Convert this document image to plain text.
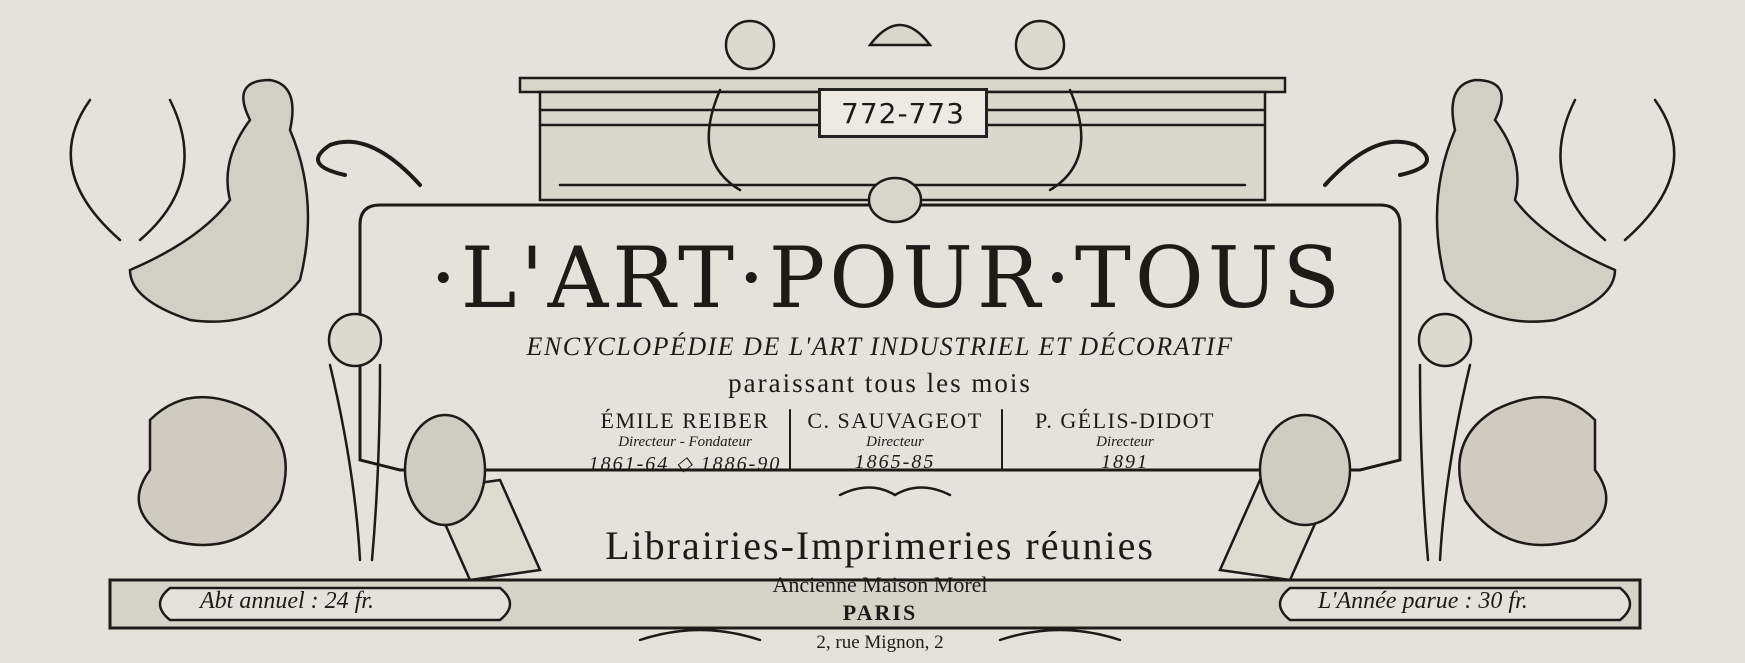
772-773
·L'ART·POUR·TOUS
ENCYCLOPÉDIE DE L'ART INDUSTRIEL ET DÉCORATIF
paraissant tous les mois
ÉMILE REIBER
Directeur - Fondateur
1861-64 ◇ 1886-90
C. SAUVAGEOT
Directeur
1865-85
P. GÉLIS-DIDOT
Directeur
1891
Librairies-Imprimeries réunies
Ancienne Maison Morel
PARIS
2, rue Mignon, 2
Abt annuel : 24 fr.	L'Année parue : 30 fr.
